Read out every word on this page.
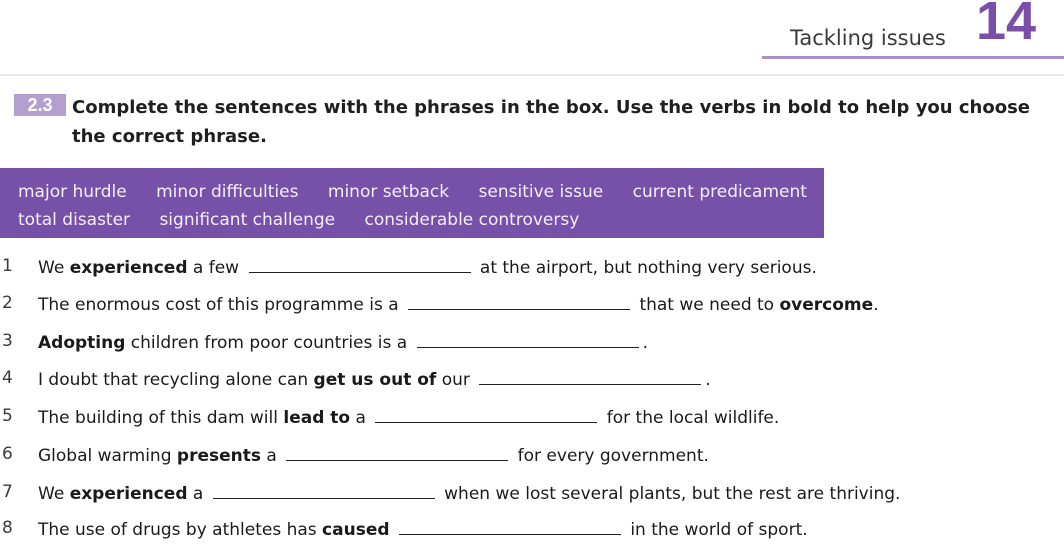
Tackling issues 14
2.3	Complete the sentences with the phrases in the box. Use the verbs in bold to help you choose the correct phrase.
major hurdle minor difficulties minor setback sensitive issue current predicament
total disaster significant challenge considerable controversy
1	We experienced a few	at the airport, but nothing very serious.
2	The enormous cost of this programme is a	that we need to overcome.
3	Adopting children from poor countries is a	.
4	I doubt that recycling alone can get us out of our	.
5	The building of this dam will lead to a	for the local wildlife.
6	Global warming presents a	for every government.
7	We experienced a	when we lost several plants, but the rest are thriving.
8	The use of drugs by athletes has caused	in the world of sport.
